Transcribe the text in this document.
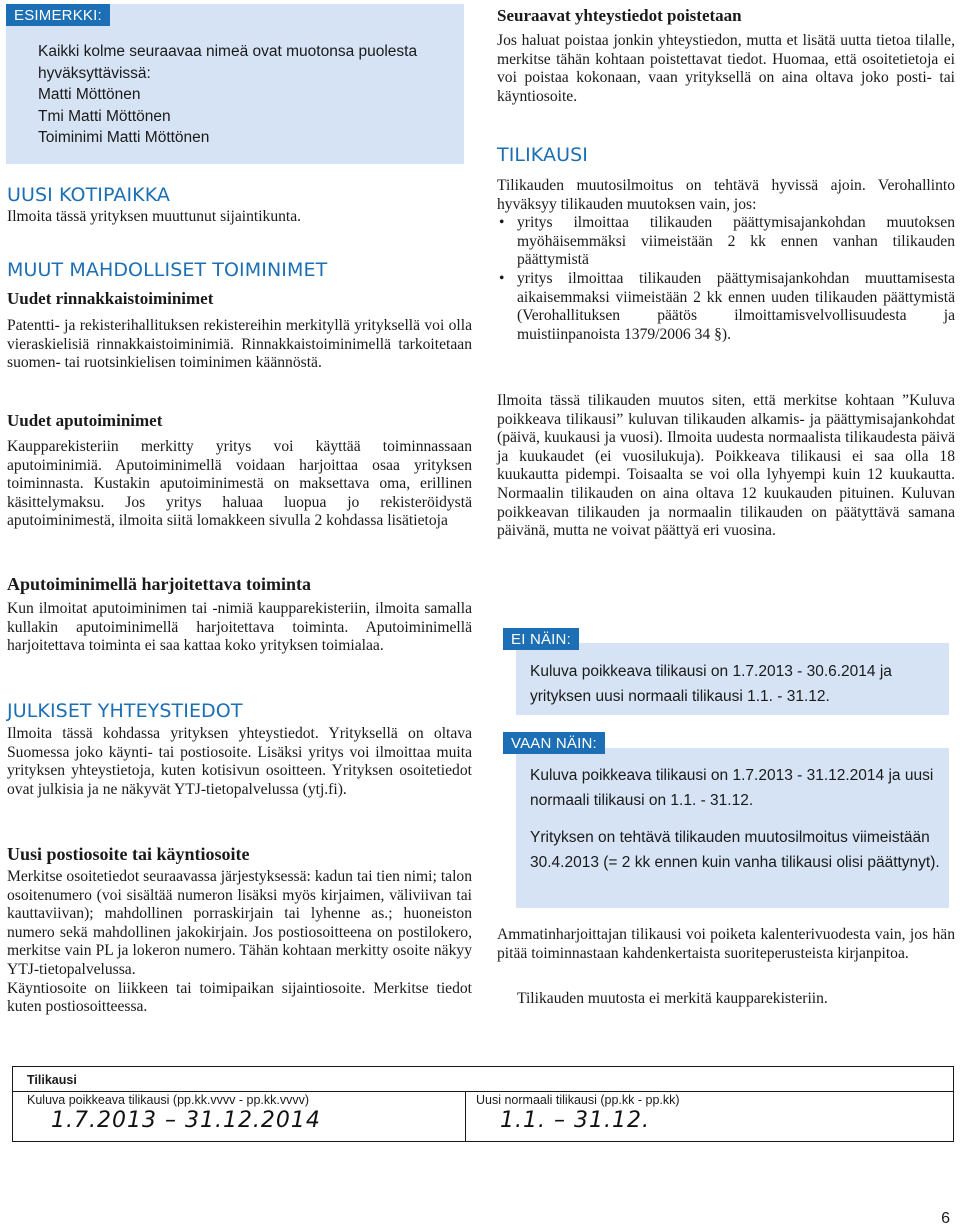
ESIMERKKI:
Kaikki kolme seuraavaa nimeä ovat muotonsa puolesta hyväksyttävissä:
Matti Möttönen
Tmi Matti Möttönen
Toiminimi Matti Möttönen
UUSI KOTIPAIKKA
Ilmoita tässä yrityksen muuttunut sijaintikunta.
MUUT MAHDOLLISET TOIMINIMET
Uudet rinnakkaistoiminimet
Patentti- ja rekisterihallituksen rekistereihin merkityllä yrityksellä voi olla vieraskielisiä rinnakkaistoiminimiä. Rinnakkaistoiminimellä tarkoitetaan suomen- tai ruotsinkielisen toiminimen käännöstä.
Uudet aputoiminimet
Kaupparekisteriin merkitty yritys voi käyttää toiminnassaan aputoiminimiä. Aputoiminimellä voidaan harjoittaa osaa yrityksen toiminnasta. Kustakin aputoiminimestä on maksettava oma, erillinen käsittelymaksu. Jos yritys haluaa luopua jo rekisteröidystä aputoiminimestä, ilmoita siitä lomakkeen sivulla 2 kohdassa lisätietoja
Aputoiminimellä harjoitettava toiminta
Kun ilmoitat aputoiminimen tai -nimiä kaupparekisteriin, ilmoita samalla kullakin aputoiminimellä harjoitettava toiminta. Aputoiminimellä harjoitettava toiminta ei saa kattaa koko yrityksen toimialaa.
JULKISET YHTEYSTIEDOT
Ilmoita tässä kohdassa yrityksen yhteystiedot. Yrityksellä on oltava Suomessa joko käynti- tai postiosoite. Lisäksi yritys voi ilmoittaa muita yrityksen yhteystietoja, kuten kotisivun osoitteen. Yrityksen osoitetiedot ovat julkisia ja ne näkyvät YTJ-tietopalvelussa (ytj.fi).
Uusi postiosoite tai käyntiosoite
Merkitse osoitetiedot seuraavassa järjestyksessä: kadun tai tien nimi; talon osoitenumero (voi sisältää numeron lisäksi myös kirjaimen, väliviivan tai kauttaviivan); mahdollinen porraskirjain tai lyhenne as.; huoneiston numero sekä mahdollinen jakokirjain. Jos postiosoitteena on postilokero, merkitse vain PL ja lokeron numero. Tähän kohtaan merkitty osoite näkyy YTJ-tietopalvelussa.
Käyntiosoite on liikkeen tai toimipaikan sijaintiosoite. Merkitse tiedot kuten postiosoitteessa.
Seuraavat yhteystiedot poistetaan
Jos haluat poistaa jonkin yhteystiedon, mutta et lisätä uutta tietoa tilalle, merkitse tähän kohtaan poistettavat tiedot. Huomaa, että osoitetietoja ei voi poistaa kokonaan, vaan yrityksellä on aina oltava joko posti- tai käyntiosoite.
TILIKAUSI
Tilikauden muutosilmoitus on tehtävä hyvissä ajoin. Verohallinto hyväksyy tilikauden muutoksen vain, jos:
• yritys ilmoittaa tilikauden päättymisajankohdan muutoksen myöhäisemmäksi viimeistään 2 kk ennen vanhan tilikauden päättymistä
• yritys ilmoittaa tilikauden päättymisajankohdan muuttamisesta aikaisemmaksi viimeistään 2 kk ennen uuden tilikauden päättymistä (Verohallituksen päätös ilmoittamisvelvollisuudesta ja muistiinpanoista 1379/2006 34 §).
Ilmoita tässä tilikauden muutos siten, että merkitse kohtaan ”Kuluva poikkeava tilikausi” kuluvan tilikauden alkamis- ja päättymisajankohdat (päivä, kuukausi ja vuosi). Ilmoita uudesta normaalista tilikaudesta päivä ja kuukaudet (ei vuosilukuja). Poikkeava tilikausi ei saa olla 18 kuukautta pidempi. Toisaalta se voi olla lyhyempi kuin 12 kuukautta. Normaalin tilikauden on aina oltava 12 kuukauden pituinen. Kuluvan poikkeavan tilikauden ja normaalin tilikauden on päätyttävä samana päivänä, mutta ne voivat päättyä eri vuosina.
EI NÄIN:
Kuluva poikkeava tilikausi on 1.7.2013 - 30.6.2014 ja yrityksen uusi normaali tilikausi 1.1. - 31.12.
VAAN NÄIN:
Kuluva poikkeava tilikausi on 1.7.2013 - 31.12.2014 ja uusi normaali tilikausi on 1.1. - 31.12.
Yrityksen on tehtävä tilikauden muutosilmoitus viimeistään 30.4.2013 (= 2 kk ennen kuin vanha tilikausi olisi päättynyt).
Ammatinharjoittajan tilikausi voi poiketa kalenterivuodesta vain, jos hän pitää toiminnastaan kahdenkertaista suoriteperusteista kirjanpitoa.
Tilikauden muutosta ei merkitä kaupparekisteriin.
Tilikausi
Kuluva poikkeava tilikausi (pp.kk.vvvv - pp.kk.vvvv)
1.7.2013 – 31.12.2014
Uusi normaali tilikausi (pp.kk - pp.kk)
1.1. – 31.12.
6
